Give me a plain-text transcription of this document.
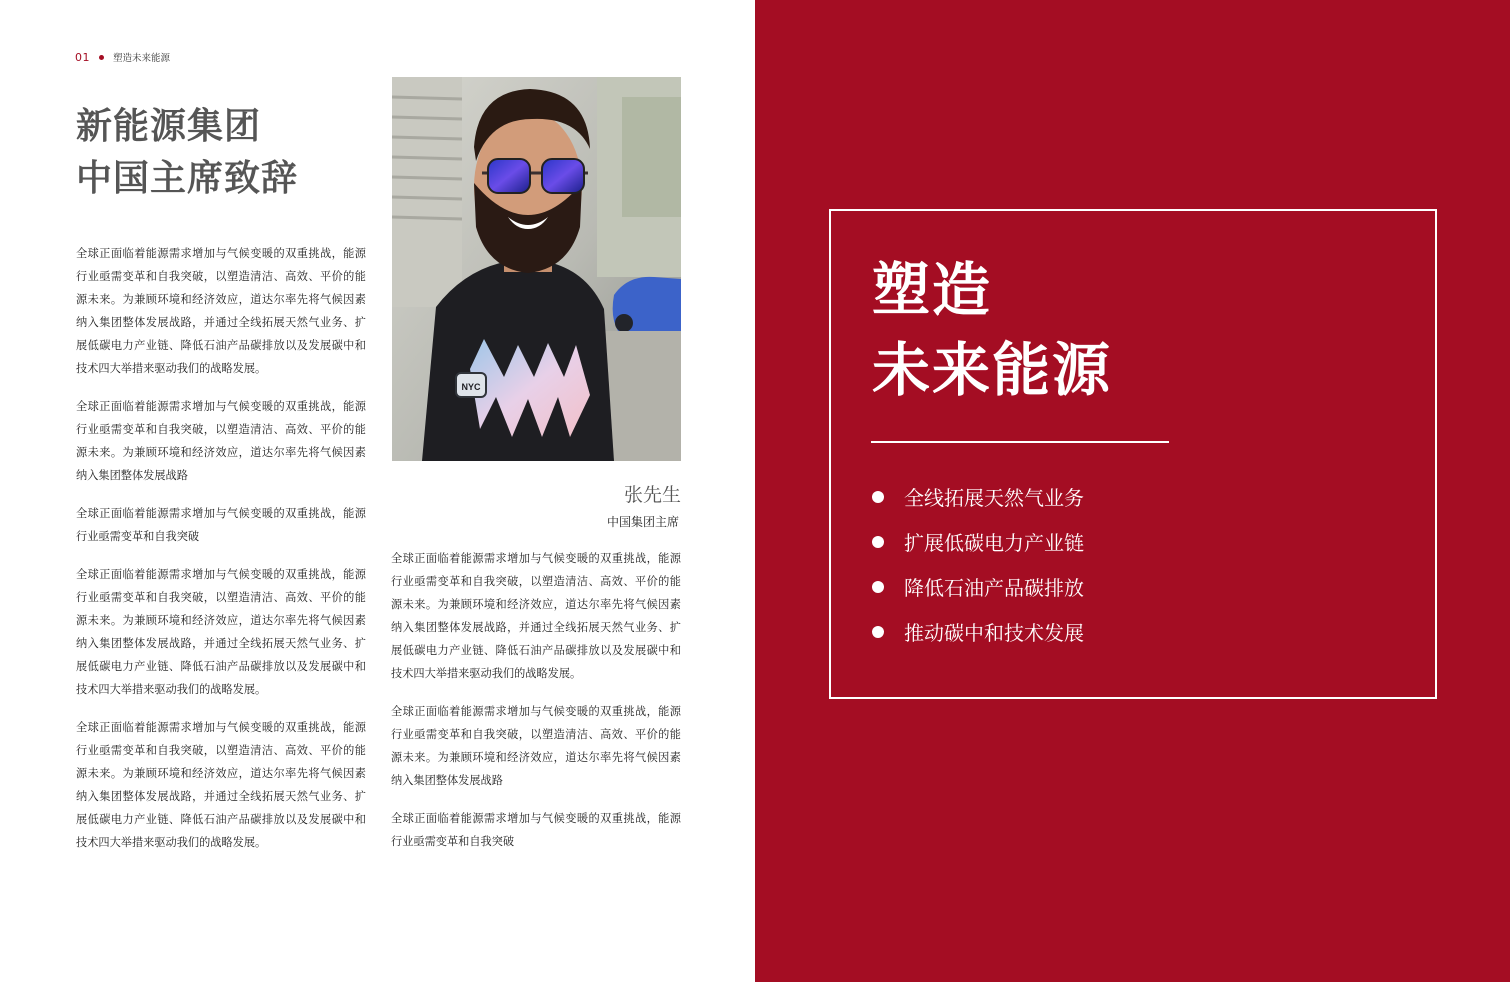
01 塑造未来能源
新能源集团
中国主席致辞

全球正面临着能源需求增加与气候变暖的双重挑战，能源行业亟需变革和自我突破，以塑造清洁、高效、平价的能源未来。为兼顾环境和经济效应，道达尔率先将气候因素纳入集团整体发展战路，并通过全线拓展天然气业务、扩展低碳电力产业链、降低石油产品碳排放以及发展碳中和技术四大举措来驱动我们的战略发展。

全球正面临着能源需求增加与气候变暖的双重挑战，能源行业亟需变革和自我突破，以塑造清洁、高效、平价的能源未来。为兼顾环境和经济效应，道达尔率先将气候因素纳入集团整体发展战路

全球正面临着能源需求增加与气候变暖的双重挑战，能源行业亟需变革和自我突破

全球正面临着能源需求增加与气候变暖的双重挑战，能源行业亟需变革和自我突破，以塑造清洁、高效、平价的能源未来。为兼顾环境和经济效应，道达尔率先将气候因素纳入集团整体发展战路，并通过全线拓展天然气业务、扩展低碳电力产业链、降低石油产品碳排放以及发展碳中和技术四大举措来驱动我们的战略发展。

全球正面临着能源需求增加与气候变暖的双重挑战，能源行业亟需变革和自我突破，以塑造清洁、高效、平价的能源未来。为兼顾环境和经济效应，道达尔率先将气候因素纳入集团整体发展战路，并通过全线拓展天然气业务、扩展低碳电力产业链、降低石油产品碳排放以及发展碳中和技术四大举措来驱动我们的战略发展。

NYC
张先生
中国集团主席

全球正面临着能源需求增加与气候变暖的双重挑战，能源行业亟需变革和自我突破，以塑造清洁、高效、平价的能源未来。为兼顾环境和经济效应，道达尔率先将气候因素纳入集团整体发展战路，并通过全线拓展天然气业务、扩展低碳电力产业链、降低石油产品碳排放以及发展碳中和技术四大举措来驱动我们的战略发展。

全球正面临着能源需求增加与气候变暖的双重挑战，能源行业亟需变革和自我突破，以塑造清洁、高效、平价的能源未来。为兼顾环境和经济效应，道达尔率先将气候因素纳入集团整体发展战路

全球正面临着能源需求增加与气候变暖的双重挑战，能源行业亟需变革和自我突破

塑造
未来能源
全线拓展天然气业务
扩展低碳电力产业链
降低石油产品碳排放
推动碳中和技术发展
